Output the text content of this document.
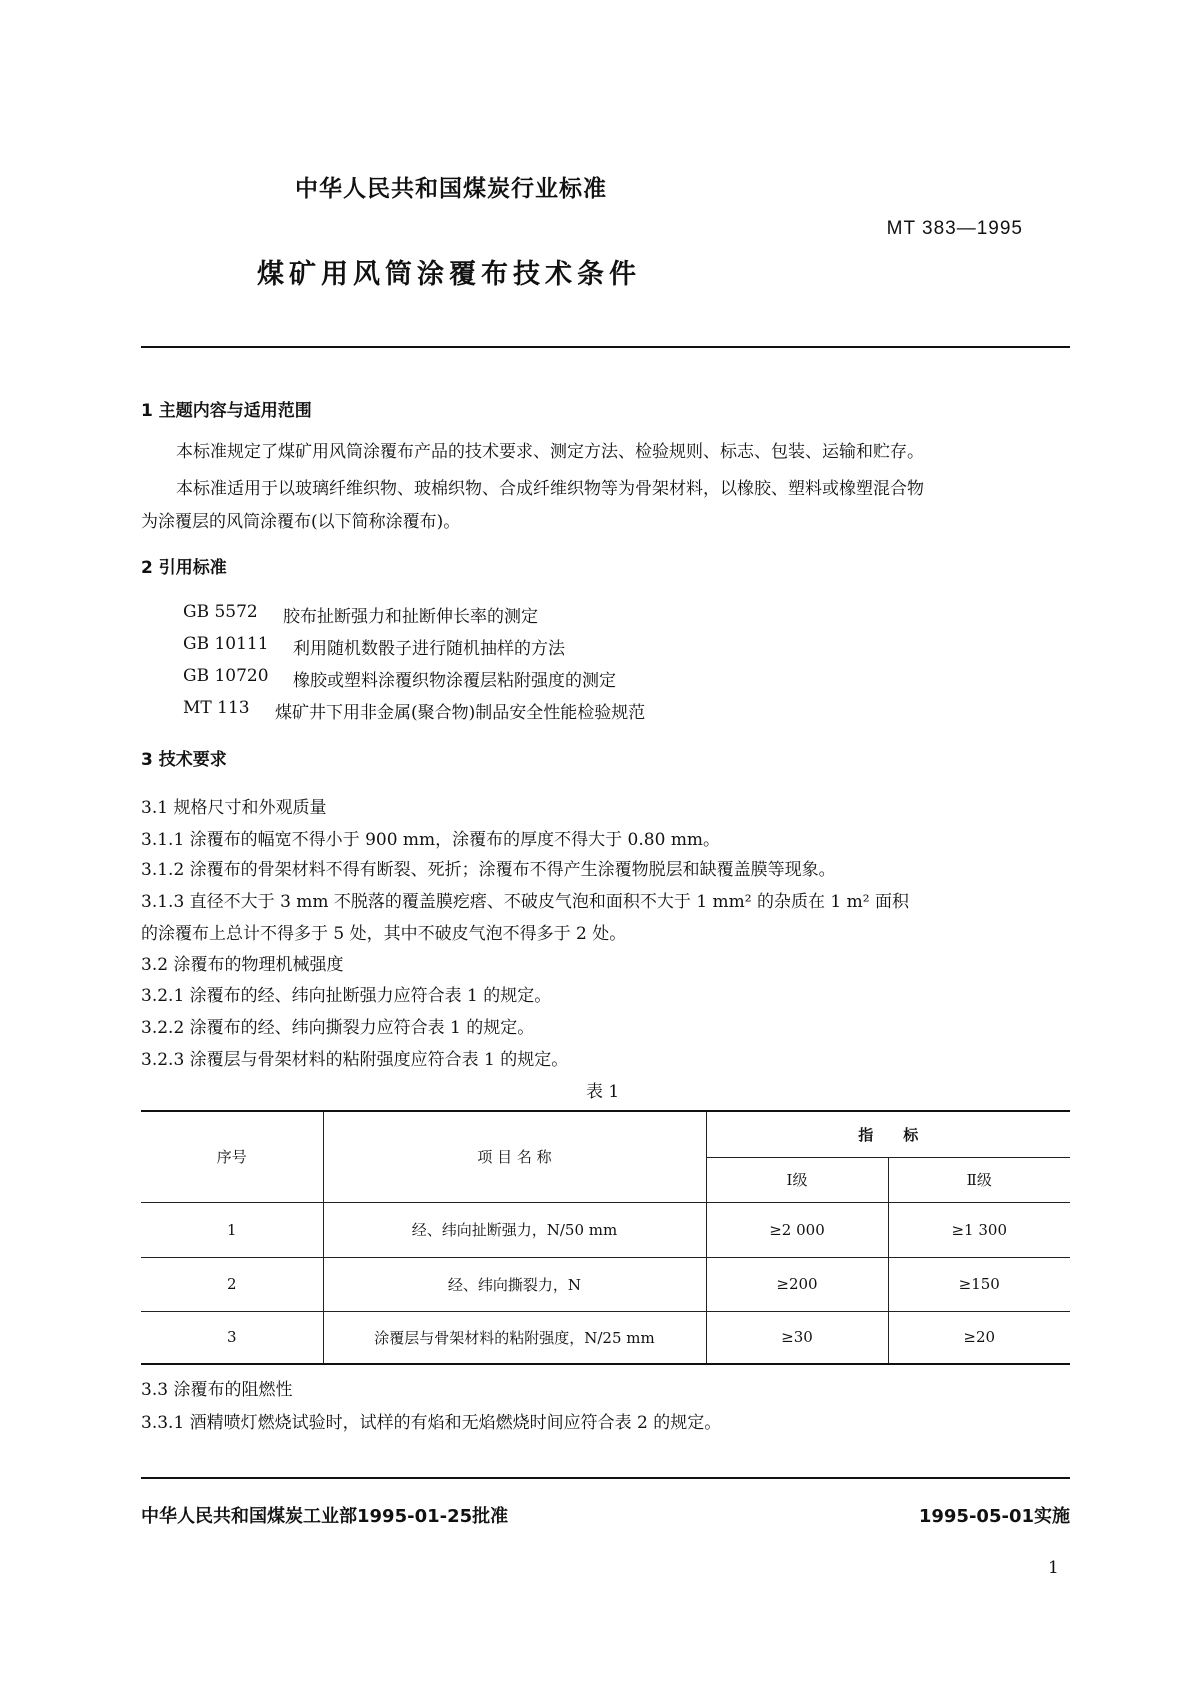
中华人民共和国煤炭行业标准
MT 383—1995
煤矿用风筒涂覆布技术条件
1 主题内容与适用范围
本标准规定了煤矿用风筒涂覆布产品的技术要求、测定方法、检验规则、标志、包装、运输和贮存。
本标准适用于以玻璃纤维织物、玻棉织物、合成纤维织物等为骨架材料，以橡胶、塑料或橡塑混合物
为涂覆层的风筒涂覆布(以下简称涂覆布)。
2 引用标准
GB 5572 胶布扯断强力和扯断伸长率的测定
GB 10111 利用随机数骰子进行随机抽样的方法
GB 10720 橡胶或塑料涂覆织物涂覆层粘附强度的测定
MT 113 煤矿井下用非金属(聚合物)制品安全性能检验规范
3 技术要求
3.1 规格尺寸和外观质量
3.1.1 涂覆布的幅宽不得小于 900 mm，涂覆布的厚度不得大于 0.80 mm。
3.1.2 涂覆布的骨架材料不得有断裂、死折；涂覆布不得产生涂覆物脱层和缺覆盖膜等现象。
3.1.3 直径不大于 3 mm 不脱落的覆盖膜疙瘩、不破皮气泡和面积不大于 1 mm² 的杂质在 1 m² 面积
的涂覆布上总计不得多于 5 处，其中不破皮气泡不得多于 2 处。
3.2 涂覆布的物理机械强度
3.2.1 涂覆布的经、纬向扯断强力应符合表 1 的规定。
3.2.2 涂覆布的经、纬向撕裂力应符合表 1 的规定。
3.2.3 涂覆层与骨架材料的粘附强度应符合表 1 的规定。
表 1
序号	项 目 名 称	指　　标
Ⅰ级	Ⅱ级
1	经、纬向扯断强力，N/50 mm	≥2 000	≥1 300
2	经、纬向撕裂力，N	≥200	≥150
3	涂覆层与骨架材料的粘附强度，N/25 mm	≥30	≥20
3.3 涂覆布的阻燃性
3.3.1 酒精喷灯燃烧试验时，试样的有焰和无焰燃烧时间应符合表 2 的规定。
中华人民共和国煤炭工业部1995-01-25批准	1995-05-01实施
1
